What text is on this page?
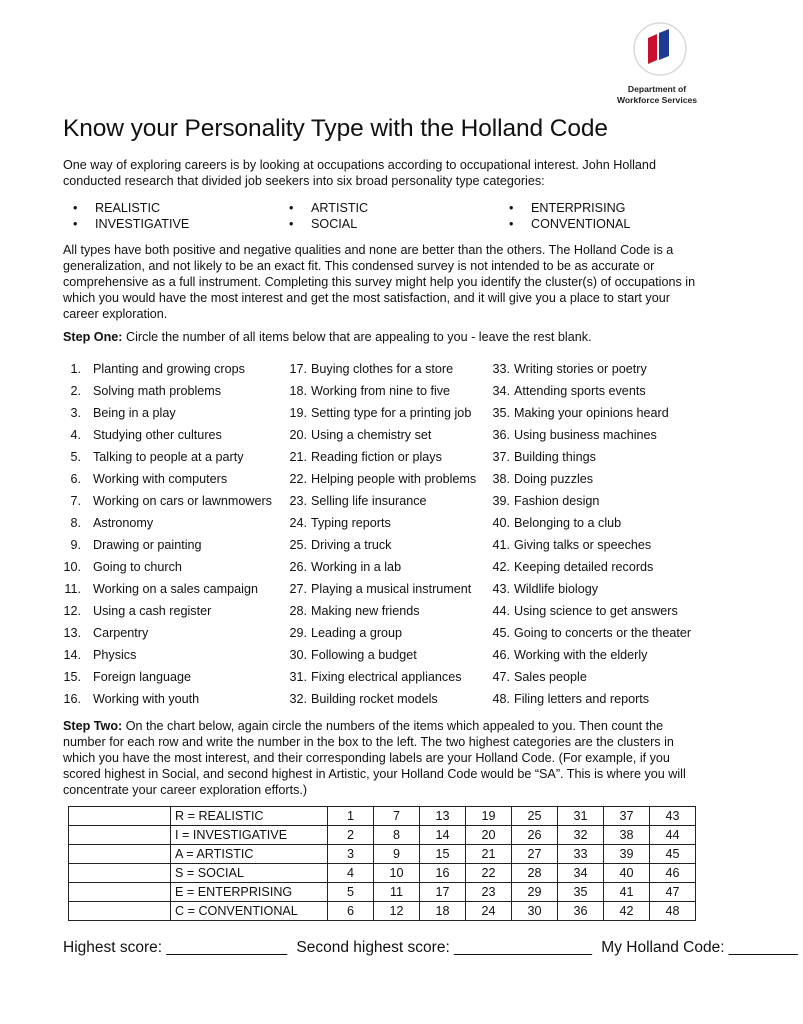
Department of
Workforce Services
Know your Personality Type with the Holland Code

One way of exploring careers is by looking at occupations according to occupational interest. John Holland conducted research that divided job seekers into six broad personality type categories:

• REALISTIC
• INVESTIGATIVE
• ARTISTIC
• SOCIAL
• ENTERPRISING
• CONVENTIONAL

All types have both positive and negative qualities and none are better than the others. The Holland Code is a generalization, and not likely to be an exact fit. This condensed survey is not intended to be as accurate or comprehensive as a full instrument. Completing this survey might help you identify the cluster(s) of occupations in which you would have the most interest and get the most satisfaction, and it will give you a place to start your career exploration.

Step One: Circle the number of all items below that are appealing to you - leave the rest blank.

1. Planting and growing crops
2. Solving math problems
3. Being in a play
4. Studying other cultures
5. Talking to people at a party
6. Working with computers
7. Working on cars or lawnmowers
8. Astronomy
9. Drawing or painting
10. Going to church
11. Working on a sales campaign
12. Using a cash register
13. Carpentry
14. Physics
15. Foreign language
16. Working with youth
17. Buying clothes for a store
18. Working from nine to five
19. Setting type for a printing job
20. Using a chemistry set
21. Reading fiction or plays
22. Helping people with problems
23. Selling life insurance
24. Typing reports
25. Driving a truck
26. Working in a lab
27. Playing a musical instrument
28. Making new friends
29. Leading a group
30. Following a budget
31. Fixing electrical appliances
32. Building rocket models
33. Writing stories or poetry
34. Attending sports events
35. Making your opinions heard
36. Using business machines
37. Building things
38. Doing puzzles
39. Fashion design
40. Belonging to a club
41. Giving talks or speeches
42. Keeping detailed records
43. Wildlife biology
44. Using science to get answers
45. Going to concerts or the theater
46. Working with the elderly
47. Sales people
48. Filing letters and reports

Step Two: On the chart below, again circle the numbers of the items which appealed to you. Then count the number for each row and write the number in the box to the left. The two highest categories are the clusters in which you have the most interest, and their corresponding labels are your Holland Code. (For example, if you scored highest in Social, and second highest in Artistic, your Holland Code would be “SA”. This is where you will concentrate your career exploration efforts.)

	R = REALISTIC	1	7	13	19	25	31	37	43
	I = INVESTIGATIVE	2	8	14	20	26	32	38	44
	A = ARTISTIC	3	9	15	21	27	33	39	45
	S = SOCIAL	4	10	16	22	28	34	40	46
	E = ENTERPRISING	5	11	17	23	29	35	41	47
	C = CONVENTIONAL	6	12	18	24	30	36	42	48
Highest score: ______________ Second highest score: ________________ My Holland Code: ________
